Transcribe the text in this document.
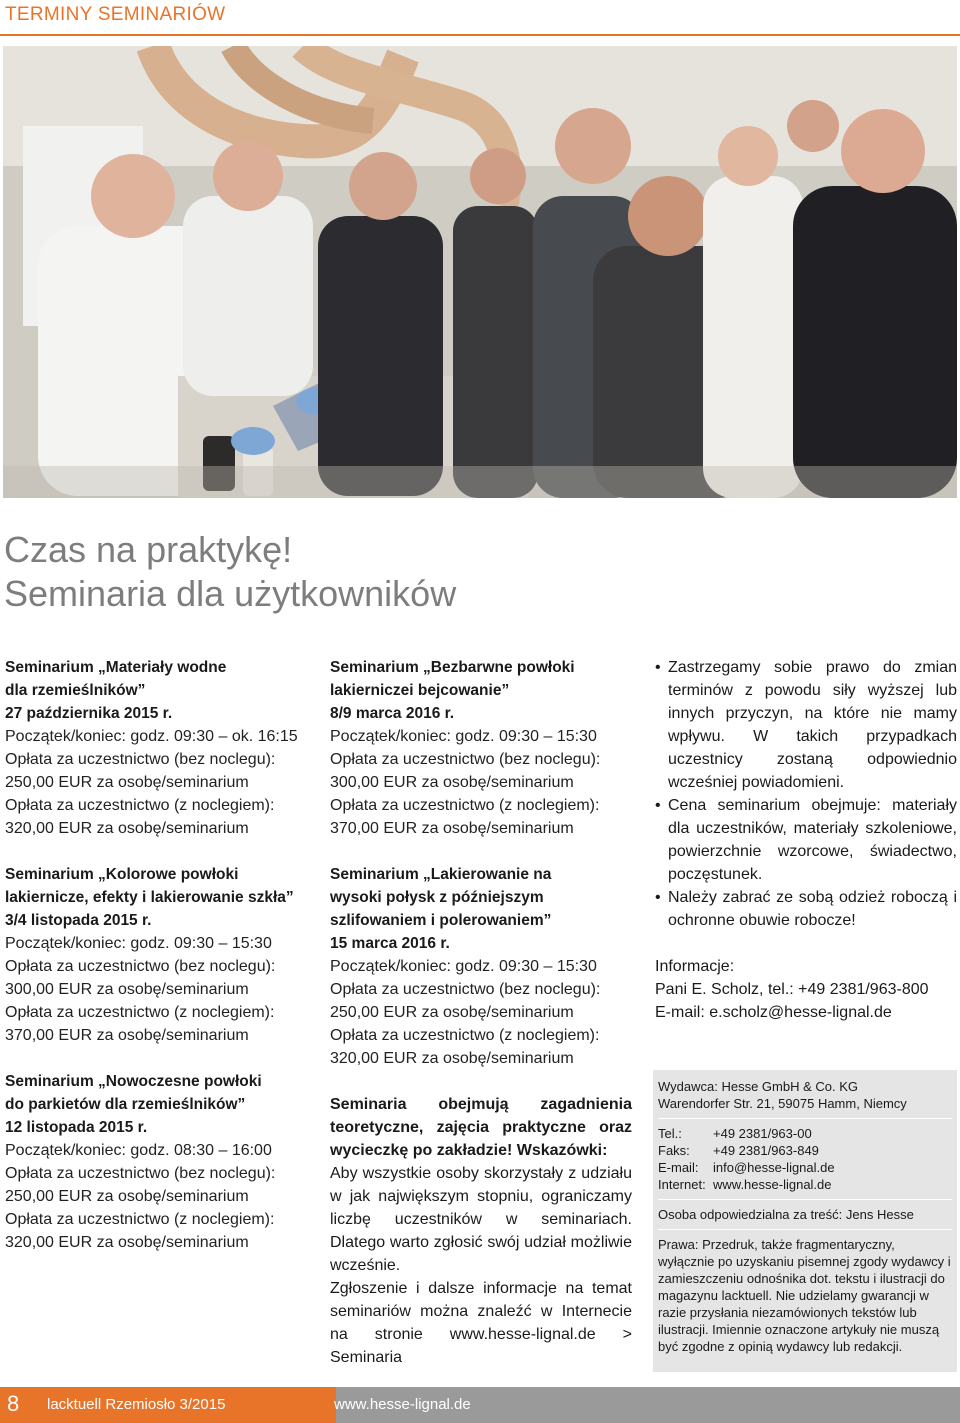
TERMINY SEMINARIÓW
Czas na praktykę!
Seminaria dla użytkowników

Seminarium „Materiały wodne

dla rzemieślników”

27 października 2015 r.

Początek/koniec: godz. 09:30 – ok. 16:15

Opłata za uczestnictwo (bez noclegu):

250,00 EUR za osobę/seminarium

Opłata za uczestnictwo (z noclegiem):

320,00 EUR za osobę/seminarium

Seminarium „Kolorowe powłoki

lakiernicze, efekty i lakierowanie szkła”

3/4 listopada 2015 r.

Początek/koniec: godz. 09:30 – 15:30

Opłata za uczestnictwo (bez noclegu):

300,00 EUR za osobę/seminarium

Opłata za uczestnictwo (z noclegiem):

370,00 EUR za osobę/seminarium

Seminarium „Nowoczesne powłoki

do parkietów dla rzemieślników”

12 listopada 2015 r.

Początek/koniec: godz. 08:30 – 16:00

Opłata za uczestnictwo (bez noclegu):

250,00 EUR za osobę/seminarium

Opłata za uczestnictwo (z noclegiem):

320,00 EUR za osobę/seminarium

Seminarium „Bezbarwne powłoki

lakierniczei bejcowanie”

8/9 marca 2016 r.

Początek/koniec: godz. 09:30 – 15:30

Opłata za uczestnictwo (bez noclegu):

300,00 EUR za osobę/seminarium

Opłata za uczestnictwo (z noclegiem):

370,00 EUR za osobę/seminarium

Seminarium „Lakierowanie na

wysoki połysk z późniejszym

szlifowaniem i polerowaniem”

15 marca 2016 r.

Początek/koniec: godz. 09:30 – 15:30

Opłata za uczestnictwo (bez noclegu):

250,00 EUR za osobę/seminarium

Opłata za uczestnictwo (z noclegiem):

320,00 EUR za osobę/seminarium

Seminaria obejmują zagadnienia teoretyczne, zajęcia praktyczne oraz wycieczkę po zakładzie! Wskazówki:

Aby wszystkie osoby skorzystały z udziału w jak największym stopniu, ograniczamy liczbę uczestników w seminariach. Dlatego warto zgłosić swój udział możliwie wcześnie.

Zgłoszenie i dalsze informacje na temat seminariów można znaleźć w Internecie na stronie www.hesse-lignal.de > Seminaria

• Zastrzegamy sobie prawo do zmian terminów z powodu siły wyższej lub innych przyczyn, na które nie mamy wpływu. W takich przypadkach uczestnicy zostaną odpowiednio wcześniej powiadomieni.
• Cena seminarium obejmuje: materiały dla uczestników, materiały szkoleniowe, powierzchnie wzorcowe, świadectwo, poczęstunek.
• Należy zabrać ze sobą odzież roboczą i ochronne obuwie robocze!

Informacje:

Pani E. Scholz, tel.: +49 2381/963-800

E-mail: e.scholz@hesse-lignal.de

Wydawca: Hesse GmbH & Co. KG

Warendorfer Str. 21, 59075 Hamm, Niemcy

Tel.:	+49 2381/963-00
Faks:	+49 2381/963-849
E-mail:	info@hesse-lignal.de
Internet: www.hesse-lignal.de

Osoba odpowiedzialna za treść: Jens Hesse

Prawa: Przedruk, także fragmentaryczny, wyłącznie po uzyskaniu pisemnej zgody wydawcy i zamieszczeniu odnośnika dot. tekstu i ilustracji do magazynu lacktuell. Nie udzielamy gwarancji w razie przysłania niezamówionych tekstów lub ilustracji. Imiennie oznaczone artykuły nie muszą być zgodne z opinią wydawcy lub redakcji.

8 lacktuell Rzemiosło 3/2015	www.hesse-lignal.de
